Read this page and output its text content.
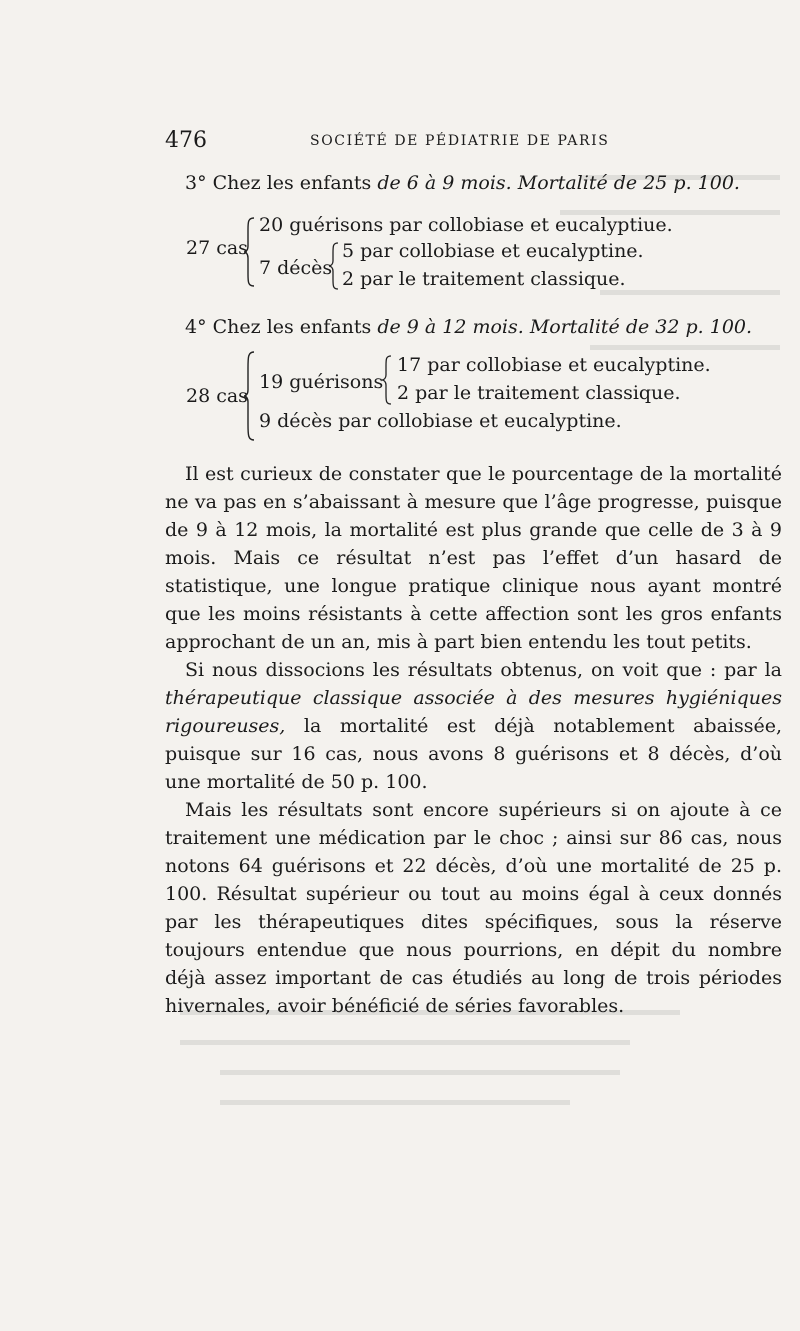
476	SOCIÉTÉ DE PÉDIATRIE DE PARIS
3° Chez les enfants de 6 à 9 mois. Mortalité de 25 p. 100.
27 cas
20 guérisons par collobiase et eucalyptiue.
7 décès
5 par collobiase et eucalyptine.
2 par le traitement classique.
4° Chez les enfants de 9 à 12 mois. Mortalité de 32 p. 100.
28 cas
19 guérisons
17 par collobiase et eucalyptine.
2 par le traitement classique.
9 décès par collobiase et eucalyptine.

Il est curieux de constater que le pourcentage de la mortalité ne va pas en s’abaissant à mesure que l’âge progresse, puisque de 9 à 12 mois, la mortalité est plus grande que celle de 3 à 9 mois. Mais ce résultat n’est pas l’effet d’un hasard de statistique, une longue pratique clinique nous ayant montré que les moins résistants à cette affection sont les gros enfants approchant de un an, mis à part bien entendu les tout petits.

Si nous dissocions les résultats obtenus, on voit que : par la thérapeutique classique associée à des mesures hygiéniques rigoureuses, la mortalité est déjà notablement abaissée, puisque sur 16 cas, nous avons 8 guérisons et 8 décès, d’où une mortalité de 50 p. 100.

Mais les résultats sont encore supérieurs si on ajoute à ce traitement une médication par le choc ; ainsi sur 86 cas, nous notons 64 guérisons et 22 décès, d’où une mortalité de 25 p. 100. Résultat supérieur ou tout au moins égal à ceux donnés par les thérapeutiques dites spécifiques, sous la réserve toujours entendue que nous pourrions, en dépit du nombre déjà assez important de cas étudiés au long de trois périodes hivernales, avoir bénéficié de séries favorables.
